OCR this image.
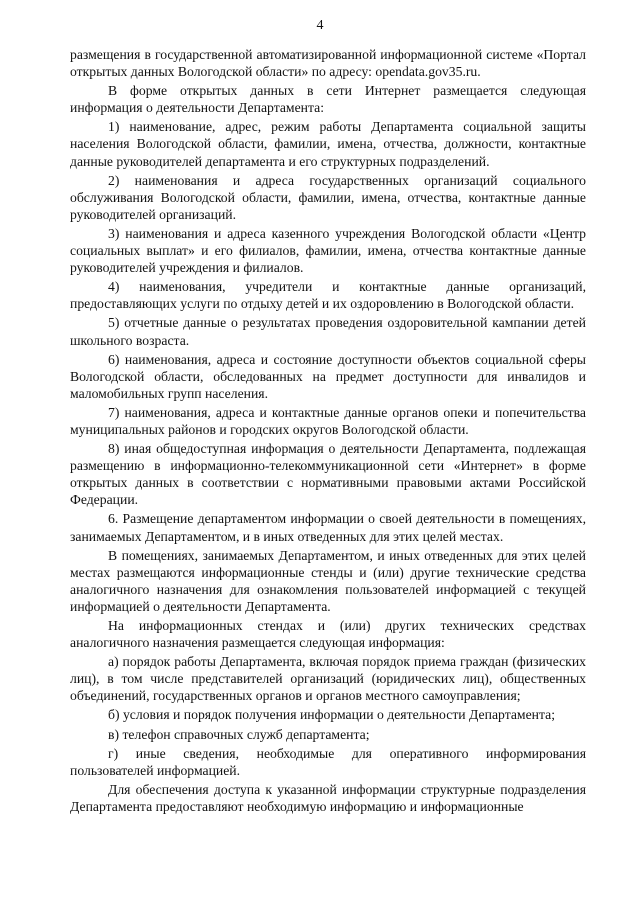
4

размещения в государственной автоматизированной информационной системе «Портал открытых данных Вологодской области» по адресу: opendata.gov35.ru.

В форме открытых данных в сети Интернет размещается следующая информация о деятельности Департамента:

1) наименование, адрес, режим работы Департамента социальной защиты населения Вологодской области, фамилии, имена, отчества, должности, контактные данные руководителей департамента и его структурных подразделений.

2) наименования и адреса государственных организаций социального обслуживания Вологодской области, фамилии, имена, отчества, контактные данные руководителей организаций.

3) наименования и адреса казенного учреждения Вологодской области «Центр социальных выплат» и его филиалов, фамилии, имена, отчества контактные данные руководителей учреждения и филиалов.

4) наименования, учредители и контактные данные организаций, предоставляющих услуги по отдыху детей и их оздоровлению в Вологодской области.

5) отчетные данные о результатах проведения оздоровительной кампании детей школьного возраста.

6) наименования, адреса и состояние доступности объектов социальной сферы Вологодской области, обследованных на предмет доступности для инвалидов и маломобильных групп населения.

7) наименования, адреса и контактные данные органов опеки и попечительства муниципальных районов и городских округов Вологодской области.

8) иная общедоступная информация о деятельности Департамента, подлежащая размещению в информационно-телекоммуникационной сети «Интернет» в форме открытых данных в соответствии с нормативными правовыми актами Российской Федерации.

6. Размещение департаментом информации о своей деятельности в помещениях, занимаемых Департаментом, и в иных отведенных для этих целей местах.

В помещениях, занимаемых Департаментом, и иных отведенных для этих целей местах размещаются информационные стенды и (или) другие технические средства аналогичного назначения для ознакомления пользователей информацией с текущей информацией о деятельности Департамента.

На информационных стендах и (или) других технических средствах аналогичного назначения размещается следующая информация:

а) порядок работы Департамента, включая порядок приема граждан (физических лиц), в том числе представителей организаций (юридических лиц), общественных объединений, государственных органов и органов местного самоуправления;

б) условия и порядок получения информации о деятельности Департамента;

в) телефон справочных служб департамента;

г) иные сведения, необходимые для оперативного информирования пользователей информацией.

Для обеспечения доступа к указанной информации структурные подразделения Департамента предоставляют необходимую информацию и информационные
